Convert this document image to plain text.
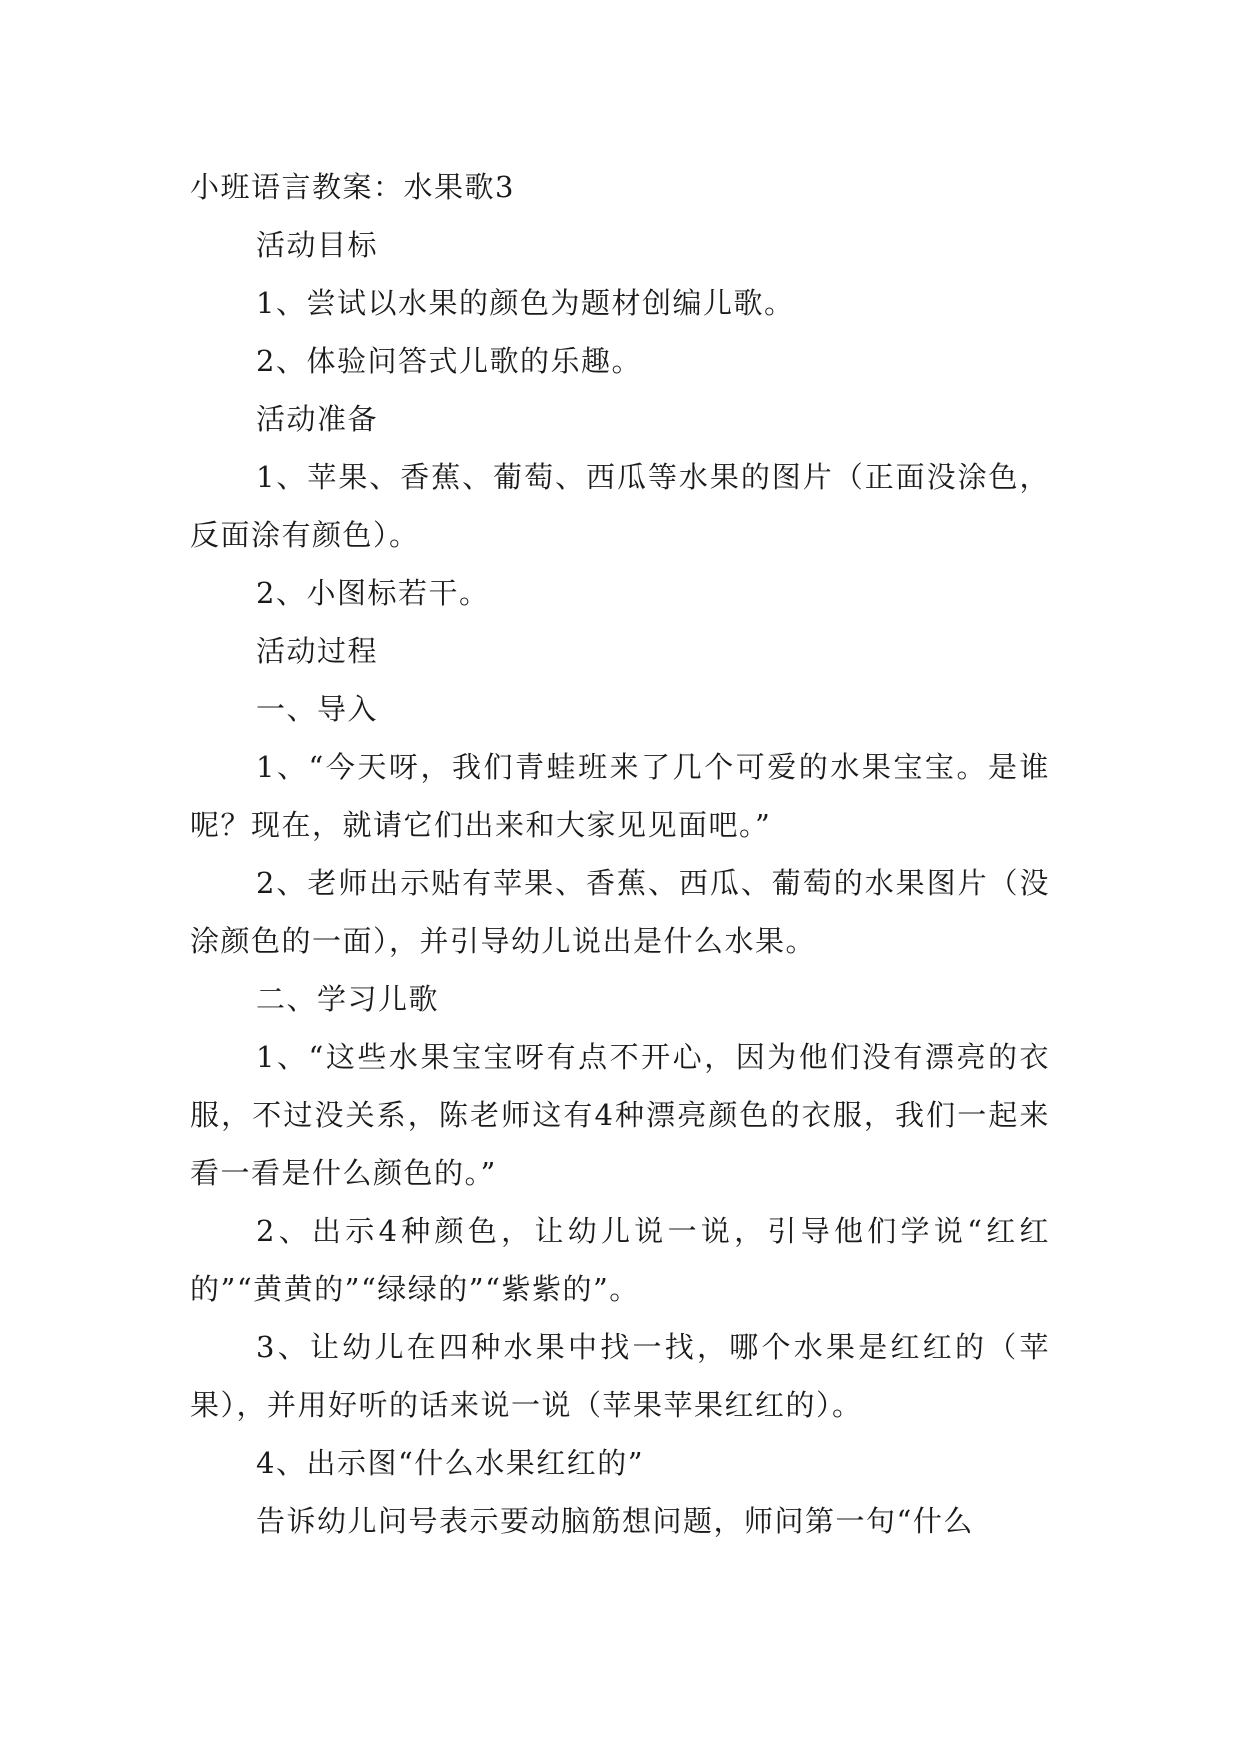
小班语言教案：水果歌3

活动目标

1、尝试以水果的颜色为题材创编儿歌。

2、体验问答式儿歌的乐趣。

活动准备

1、苹果、香蕉、葡萄、西瓜等水果的图片（正面没涂色，反面涂有颜色）。

2、小图标若干。

活动过程

一、导入

1、“今天呀，我们青蛙班来了几个可爱的水果宝宝。是谁呢？现在，就请它们出来和大家见见面吧。”

2、老师出示贴有苹果、香蕉、西瓜、葡萄的水果图片（没涂颜色的一面），并引导幼儿说出是什么水果。

二、学习儿歌

1、“这些水果宝宝呀有点不开心，因为他们没有漂亮的衣服，不过没关系，陈老师这有4种漂亮颜色的衣服，我们一起来看一看是什么颜色的。”

2、出示4种颜色，让幼儿说一说，引导他们学说“红红的”“黄黄的”“绿绿的”“紫紫的”。

3、让幼儿在四种水果中找一找，哪个水果是红红的（苹果），并用好听的话来说一说（苹果苹果红红的）。

4、出示图“什么水果红红的”

告诉幼儿问号表示要动脑筋想问题，师问第一句“什么
